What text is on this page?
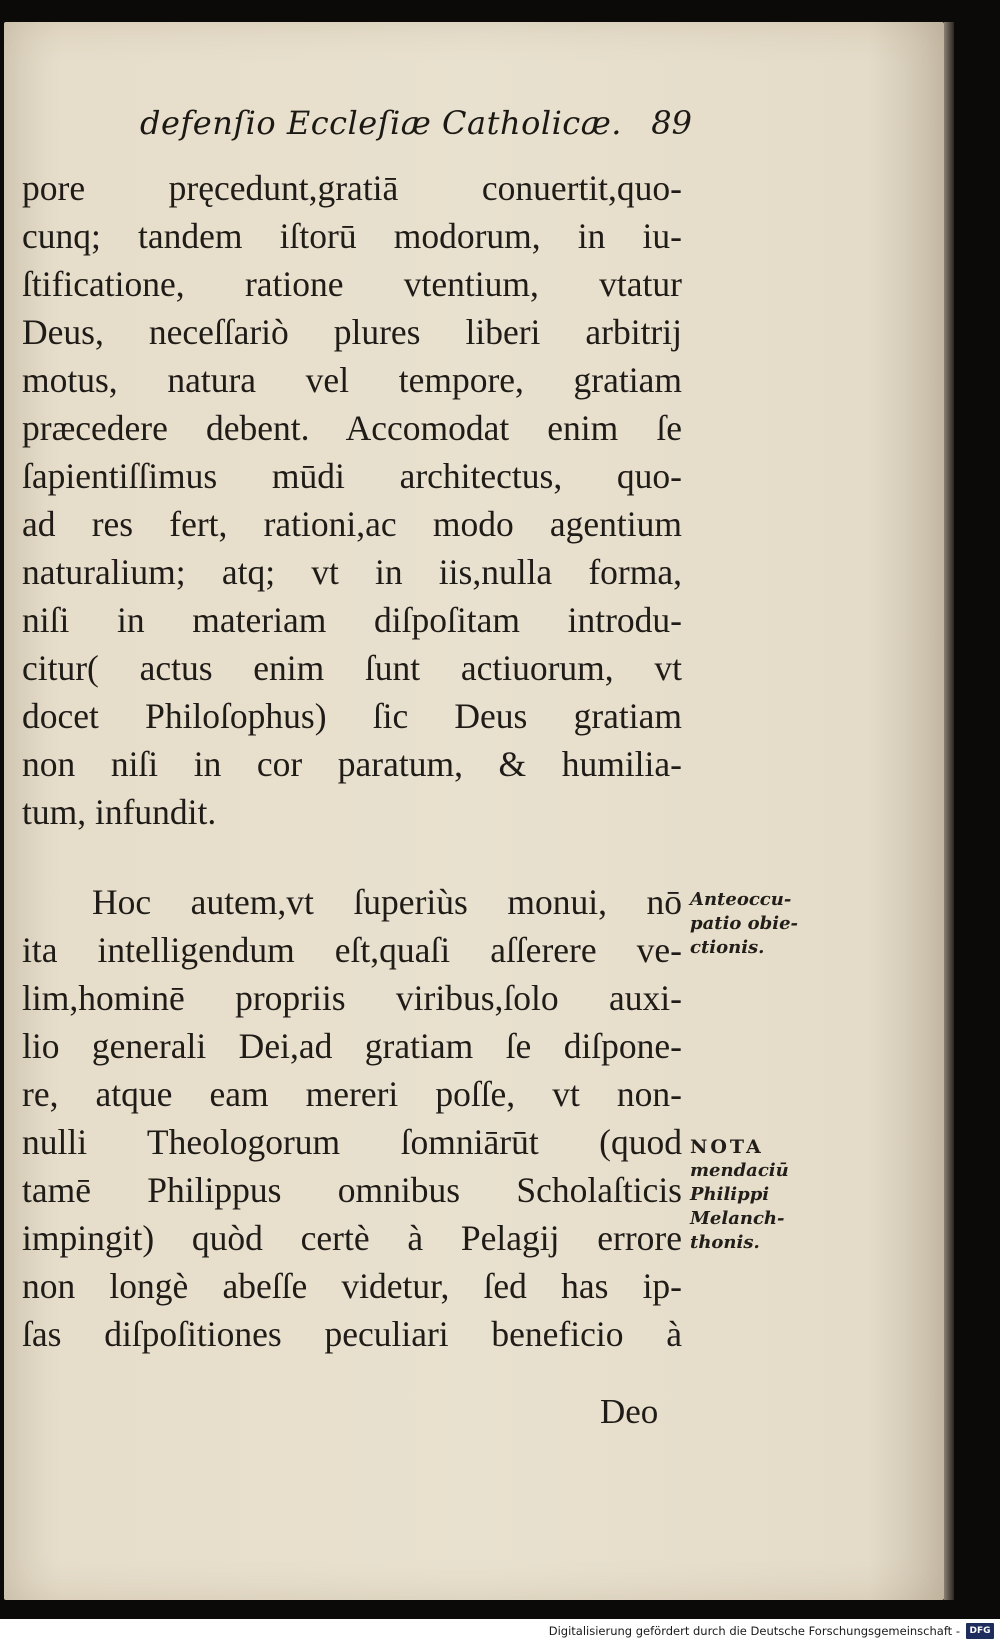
defenſio Eccleſiæ Catholicæ. 89
pore pręcedunt,gratiā conuertit,quo-
cunq; tandem iſtorū modorum, in iu-
ſtificatione, ratione vtentium, vtatur
Deus, neceſſariò plures liberi arbitrij
motus, natura vel tempore, gratiam
præcedere debent. Accomodat enim ſe
ſapientiſſimus mūdi architectus, quo-
ad res fert, rationi,ac modo agentium
naturalium; atq; vt in iis,nulla forma,
niſi in materiam diſpoſitam introdu-
citur( actus enim ſunt actiuorum, vt
docet Philoſophus) ſic Deus gratiam
non niſi in cor paratum, & humilia-
tum, infundit.
Hoc autem,vt ſuperiùs monui, nō
ita intelligendum eſt,quaſi aſſerere ve-
lim,hominē propriis viribus,ſolo auxi-
lio generali Dei,ad gratiam ſe diſpone-
re, atque eam mereri poſſe, vt non-
nulli Theologorum ſomniārūt (quod
tamē Philippus omnibus Scholaſticis
impingit) quòd certè à Pelagij errore
non longè abeſſe videtur, ſed has ip-
ſas diſpoſitiones peculiari beneficio à
Deo
Anteoccu-
patio obie-
ctionis.
NOTA
mendaciū
Philippi
Melanch-
thonis.
Digitalisierung gefördert durch die Deutsche Forschungsgemeinschaft -	DFG
